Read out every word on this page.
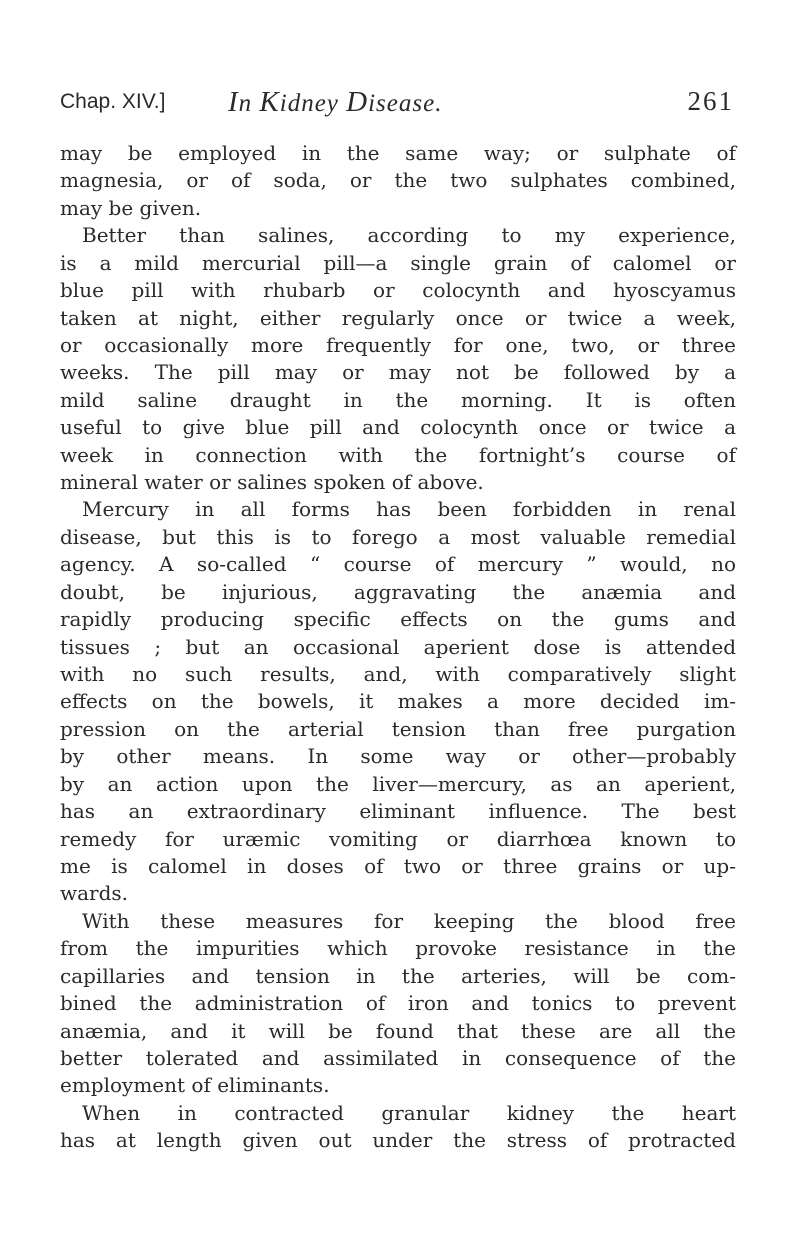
Chap. XIV.] In Kidney Disease.	261
may be employed in the same way; or sulphate of
magnesia, or of soda, or the two sulphates combined,
may be given.
Better than salines, according to my experience,
is a mild mercurial pill—a single grain of calomel or
blue pill with rhubarb or colocynth and hyoscyamus
taken at night, either regularly once or twice a week,
or occasionally more frequently for one, two, or three
weeks. The pill may or may not be followed by a
mild saline draught in the morning. It is often
useful to give blue pill and colocynth once or twice a
week in connection with the fortnight’s course of
mineral water or salines spoken of above.
Mercury in all forms has been forbidden in renal
disease, but this is to forego a most valuable remedial
agency. A so-called “ course of mercury ” would, no
doubt, be injurious, aggravating the anæmia and
rapidly producing specific effects on the gums and
tissues ; but an occasional aperient dose is attended
with no such results, and, with comparatively slight
effects on the bowels, it makes a more decided im-
pression on the arterial tension than free purgation
by other means. In some way or other—probably
by an action upon the liver—mercury, as an aperient,
has an extraordinary eliminant influence. The best
remedy for uræmic vomiting or diarrhœa known to
me is calomel in doses of two or three grains or up-
wards.
With these measures for keeping the blood free
from the impurities which provoke resistance in the
capillaries and tension in the arteries, will be com-
bined the administration of iron and tonics to prevent
anæmia, and it will be found that these are all the
better tolerated and assimilated in consequence of the
employment of eliminants.
When in contracted granular kidney the heart
has at length given out under the stress of protracted
